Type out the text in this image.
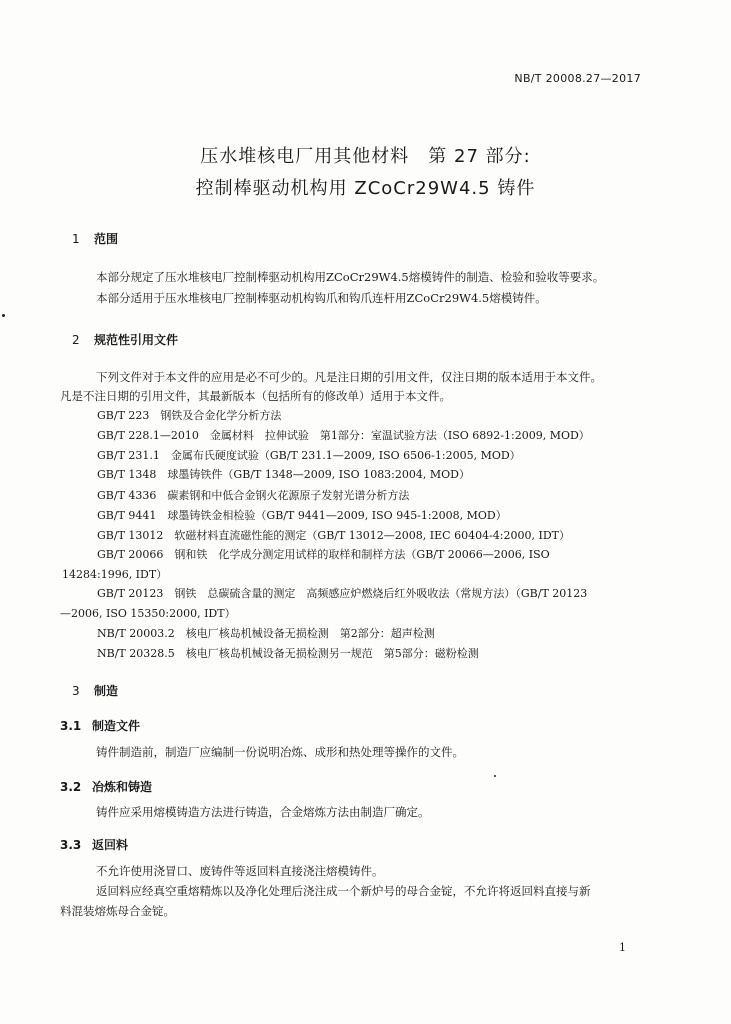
NB/T 20008.27—2017
压水堆核电厂用其他材料　第 27 部分:
控制棒驱动机构用 ZCoCr29W4.5 铸件
1 范围
本部分规定了压水堆核电厂控制棒驱动机构用ZCoCr29W4.5熔模铸件的制造、检验和验收等要求。
本部分适用于压水堆核电厂控制棒驱动机构钩爪和钩爪连杆用ZCoCr29W4.5熔模铸件。
2 规范性引用文件
下列文件对于本文件的应用是必不可少的。凡是注日期的引用文件，仅注日期的版本适用于本文件。
凡是不注日期的引用文件，其最新版本（包括所有的修改单）适用于本文件。
GB/T 223　钢铁及合金化学分析方法
GB/T 228.1—2010　金属材料　拉伸试验　第1部分：室温试验方法（ISO 6892-1:2009, MOD）
GB/T 231.1　金属布氏硬度试验（GB/T 231.1—2009, ISO 6506-1:2005, MOD）
GB/T 1348　球墨铸铁件（GB/T 1348—2009, ISO 1083:2004, MOD）
GB/T 4336　碳素钢和中低合金钢火花源原子发射光谱分析方法
GB/T 9441　球墨铸铁金相检验（GB/T 9441—2009, ISO 945-1:2008, MOD）
GB/T 13012　软磁材料直流磁性能的测定（GB/T 13012—2008, IEC 60404-4:2000, IDT）
GB/T 20066　钢和铁　化学成分测定用试样的取样和制样方法（GB/T 20066—2006, ISO
14284:1996, IDT）
GB/T 20123　钢铁　总碳硫含量的测定　高频感应炉燃烧后红外吸收法（常规方法）（GB/T 20123
—2006, ISO 15350:2000, IDT）
NB/T 20003.2　核电厂核岛机械设备无损检测　第2部分：超声检测
NB/T 20328.5　核电厂核岛机械设备无损检测另一规范　第5部分：磁粉检测
3 制造
3.1 制造文件
铸件制造前，制造厂应编制一份说明冶炼、成形和热处理等操作的文件。
3.2 冶炼和铸造
铸件应采用熔模铸造方法进行铸造，合金熔炼方法由制造厂确定。
3.3 返回料
不允许使用浇冒口、废铸件等返回料直接浇注熔模铸件。
返回料应经真空重熔精炼以及净化处理后浇注成一个新炉号的母合金锭，不允许将返回料直接与新
料混装熔炼母合金锭。
1
